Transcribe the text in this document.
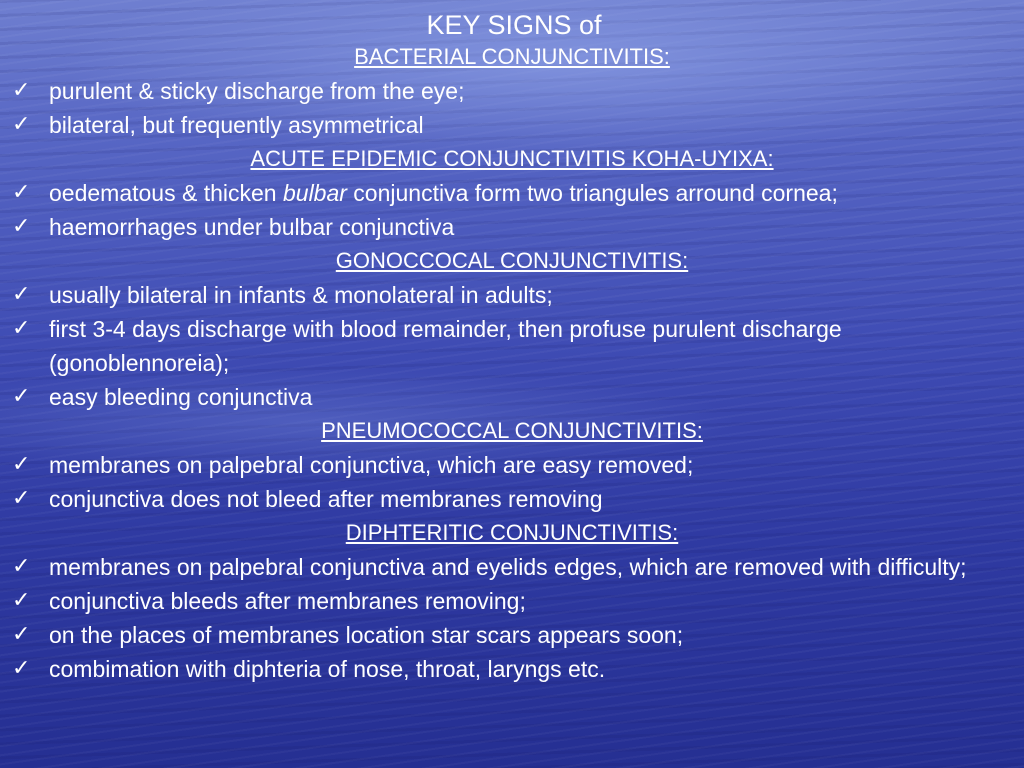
KEY SIGNS of
BACTERIAL CONJUNCTIVITIS:
✓ purulent & sticky discharge from the eye;
✓ bilateral, but frequently asymmetrical
ACUTE EPIDEMIC CONJUNCTIVITIS KOHA-UYIXA:
✓ oedematous & thicken bulbar conjunctiva form two triangules arround cornea;
✓ haemorrhages under bulbar conjunctiva
GONOCCOCAL CONJUNCTIVITIS:
✓ usually bilateral in infants & monolateral in adults;
✓ first 3-4 days discharge with blood remainder, then profuse purulent discharge (gonoblennoreia);
✓ easy bleeding conjunctiva
PNEUMOCOCCAL CONJUNCTIVITIS:
✓ membranes on palpebral conjunctiva, which are easy removed;
✓ conjunctiva does not bleed after membranes removing
DIPHTERITIC CONJUNCTIVITIS:
✓ membranes on palpebral conjunctiva and eyelids edges, which are removed with difficulty;
✓ conjunctiva bleeds after membranes removing;
✓ on the places of membranes location star scars appears soon;
✓ combimation with diphteria of nose, throat, laryngs etc.
